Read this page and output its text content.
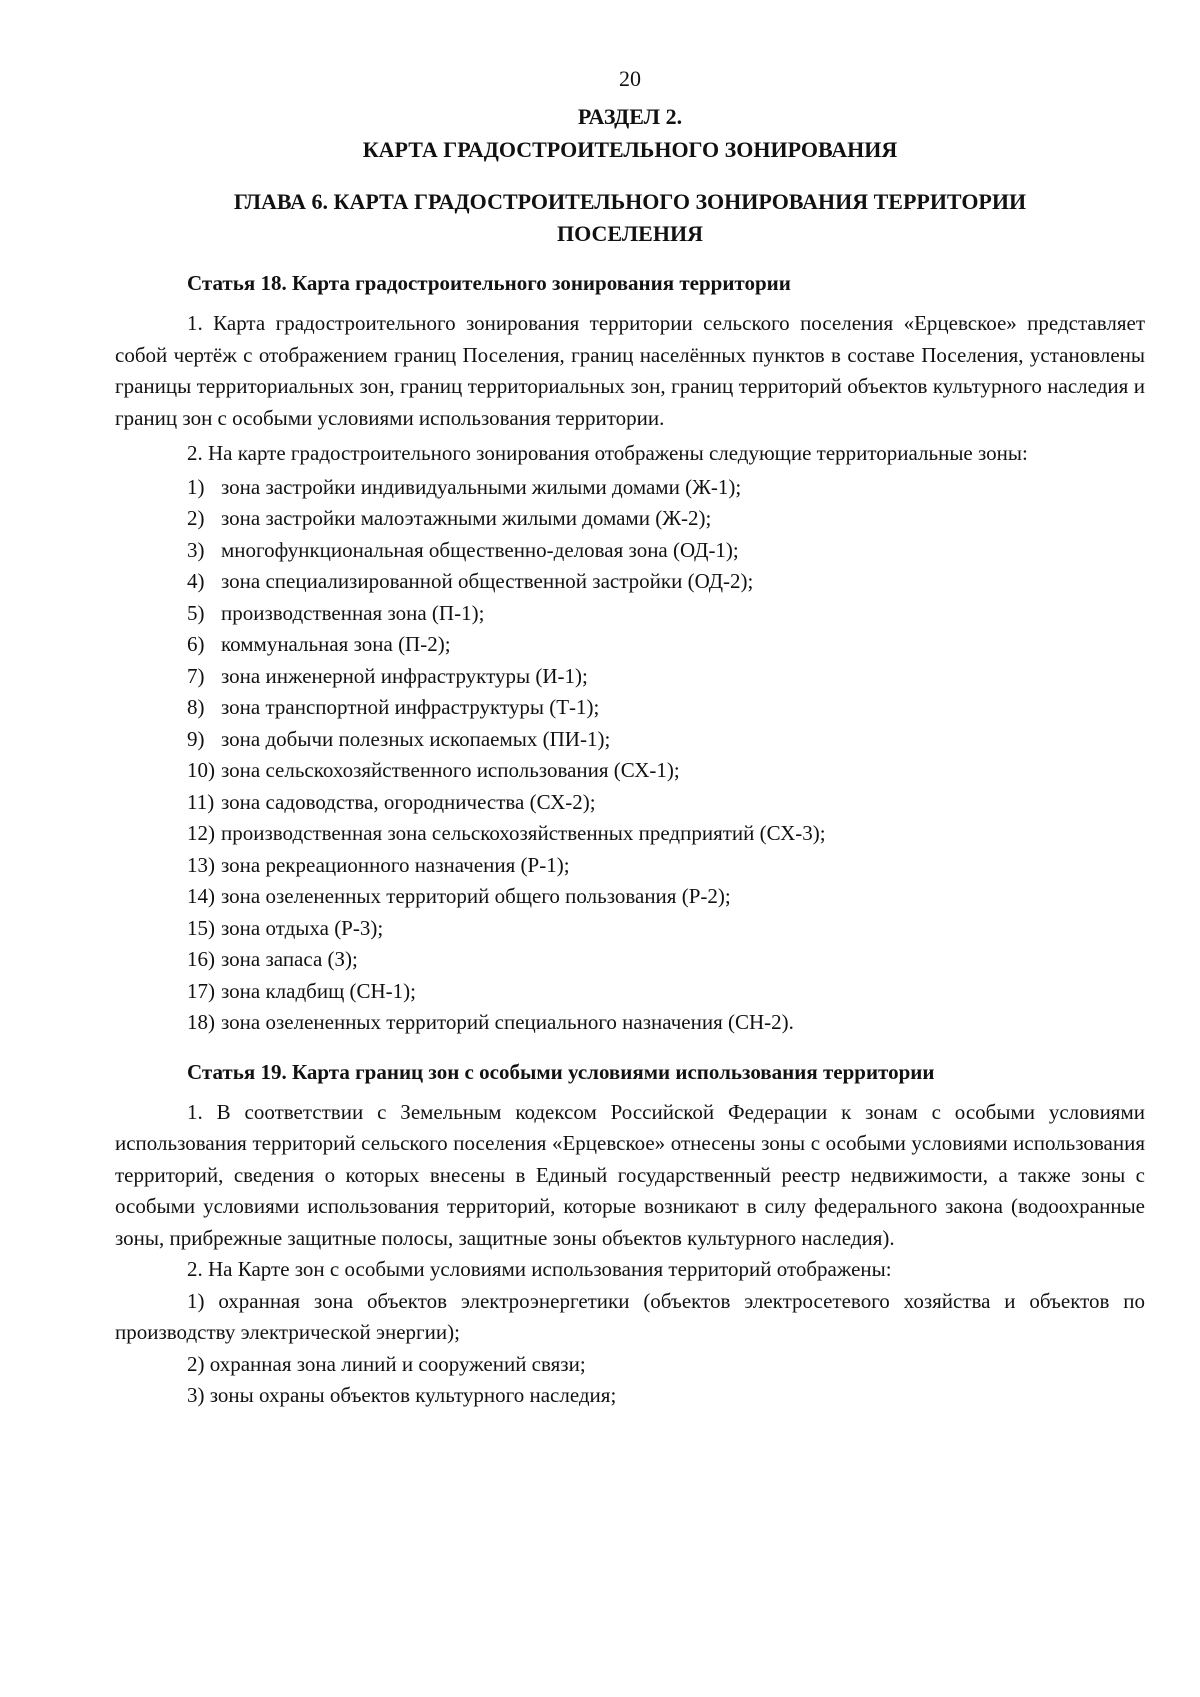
20
РАЗДЕЛ 2.
КАРТА ГРАДОСТРОИТЕЛЬНОГО ЗОНИРОВАНИЯ
ГЛАВА 6. КАРТА ГРАДОСТРОИТЕЛЬНОГО ЗОНИРОВАНИЯ ТЕРРИТОРИИ
ПОСЕЛЕНИЯ
Статья 18. Карта градостроительного зонирования территории

1. Карта градостроительного зонирования территории сельского поселения «Ерцевское» представляет собой чертёж с отображением границ Поселения, границ населённых пунктов в составе Поселения, установлены границы территориальных зон, границ территориальных зон, границ территорий объектов культурного наследия и границ зон с особыми условиями использования территории.

2. На карте градостроительного зонирования отображены следующие территориальные зоны:

1) зона застройки индивидуальными жилыми домами (Ж-1);
2) зона застройки малоэтажными жилыми домами (Ж-2);
3) многофункциональная общественно-деловая зона (ОД-1);
4) зона специализированной общественной застройки (ОД-2);
5) производственная зона (П-1);
6) коммунальная зона (П-2);
7) зона инженерной инфраструктуры (И-1);
8) зона транспортной инфраструктуры (Т-1);
9) зона добычи полезных ископаемых (ПИ-1);
10) зона сельскохозяйственного использования (СХ-1);
11) зона садоводства, огородничества (СХ-2);
12) производственная зона сельскохозяйственных предприятий (СХ-3);
13) зона рекреационного назначения (Р-1);
14) зона озелененных территорий общего пользования (Р-2);
15) зона отдыха (Р-3);
16) зона запаса (З);
17) зона кладбищ (СН-1);
18) зона озелененных территорий специального назначения (СН-2).
Статья 19. Карта границ зон с особыми условиями использования территории

1. В соответствии с Земельным кодексом Российской Федерации к зонам с особыми условиями использования территорий сельского поселения «Ерцевское» отнесены зоны с особыми условиями использования территорий, сведения о которых внесены в Единый государственный реестр недвижимости, а также зоны с особыми условиями использования территорий, которые возникают в силу федерального закона (водоохранные зоны, прибрежные защитные полосы, защитные зоны объектов культурного наследия).

2. На Карте зон с особыми условиями использования территорий отображены:

1) охранная зона объектов электроэнергетики (объектов электросетевого хозяйства и объектов по производству электрической энергии);

2) охранная зона линий и сооружений связи;

3) зоны охраны объектов культурного наследия;
